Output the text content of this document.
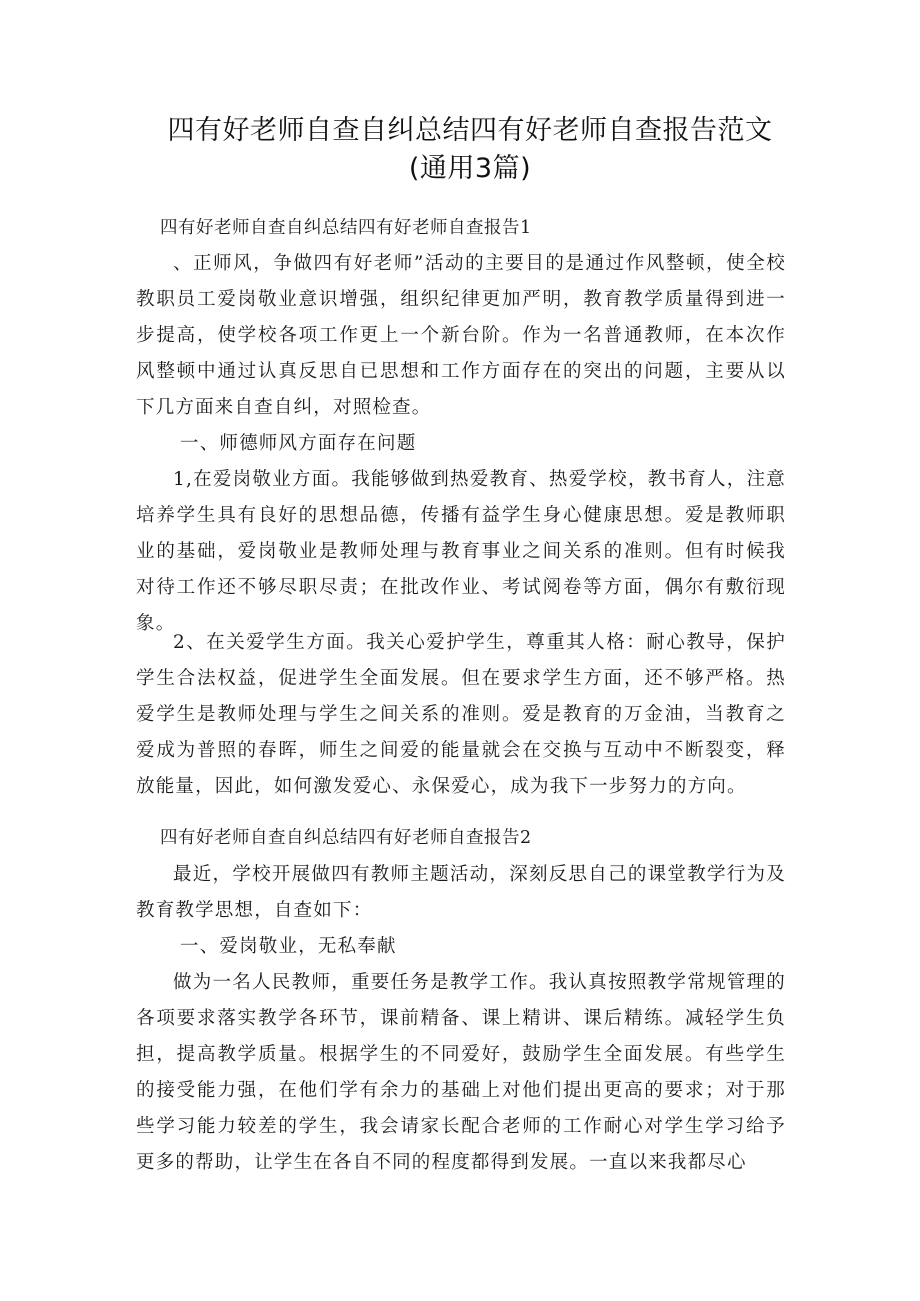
四有好老师自查自纠总结四有好老师自查报告范文(通用3篇)
四有好老师自查自纠总结四有好老师自查报告1

、正师风，争做四有好老师”活动的主要目的是通过作风整顿，使全校教职员工爱岗敬业意识增强，组织纪律更加严明，教育教学质量得到进一步提高，使学校各项工作更上一个新台阶。作为一名普通教师，在本次作风整顿中通过认真反思自已思想和工作方面存在的突出的问题，主要从以下几方面来自查自纠，对照检查。

一、师德师风方面存在问题

1,在爱岗敬业方面。我能够做到热爱教育、热爱学校，教书育人，注意培养学生具有良好的思想品德，传播有益学生身心健康思想。爱是教师职业的基础，爱岗敬业是教师处理与教育事业之间关系的准则。但有时候我对待工作还不够尽职尽责；在批改作业、考试阅卷等方面，偶尔有敷衍现象。

2、在关爱学生方面。我关心爱护学生，尊重其人格：耐心教导，保护学生合法权益，促进学生全面发展。但在要求学生方面，还不够严格。热爱学生是教师处理与学生之间关系的准则。爱是教育的万金油，当教育之爱成为普照的春晖，师生之间爱的能量就会在交换与互动中不断裂变，释放能量，因此，如何激发爱心、永保爱心，成为我下一步努力的方向。

四有好老师自查自纠总结四有好老师自查报告2

最近，学校开展做四有教师主题活动，深刻反思自己的课堂教学行为及教育教学思想，自查如下：

一、爱岗敬业，无私奉献

做为一名人民教师，重要任务是教学工作。我认真按照教学常规管理的各项要求落实教学各环节，课前精备、课上精讲、课后精练。减轻学生负担，提高教学质量。根据学生的不同爱好，鼓励学生全面发展。有些学生的接受能力强，在他们学有余力的基础上对他们提出更高的要求；对于那些学习能力较差的学生，我会请家长配合老师的工作耐心对学生学习给予更多的帮助，让学生在各自不同的程度都得到发展。一直以来我都尽心
